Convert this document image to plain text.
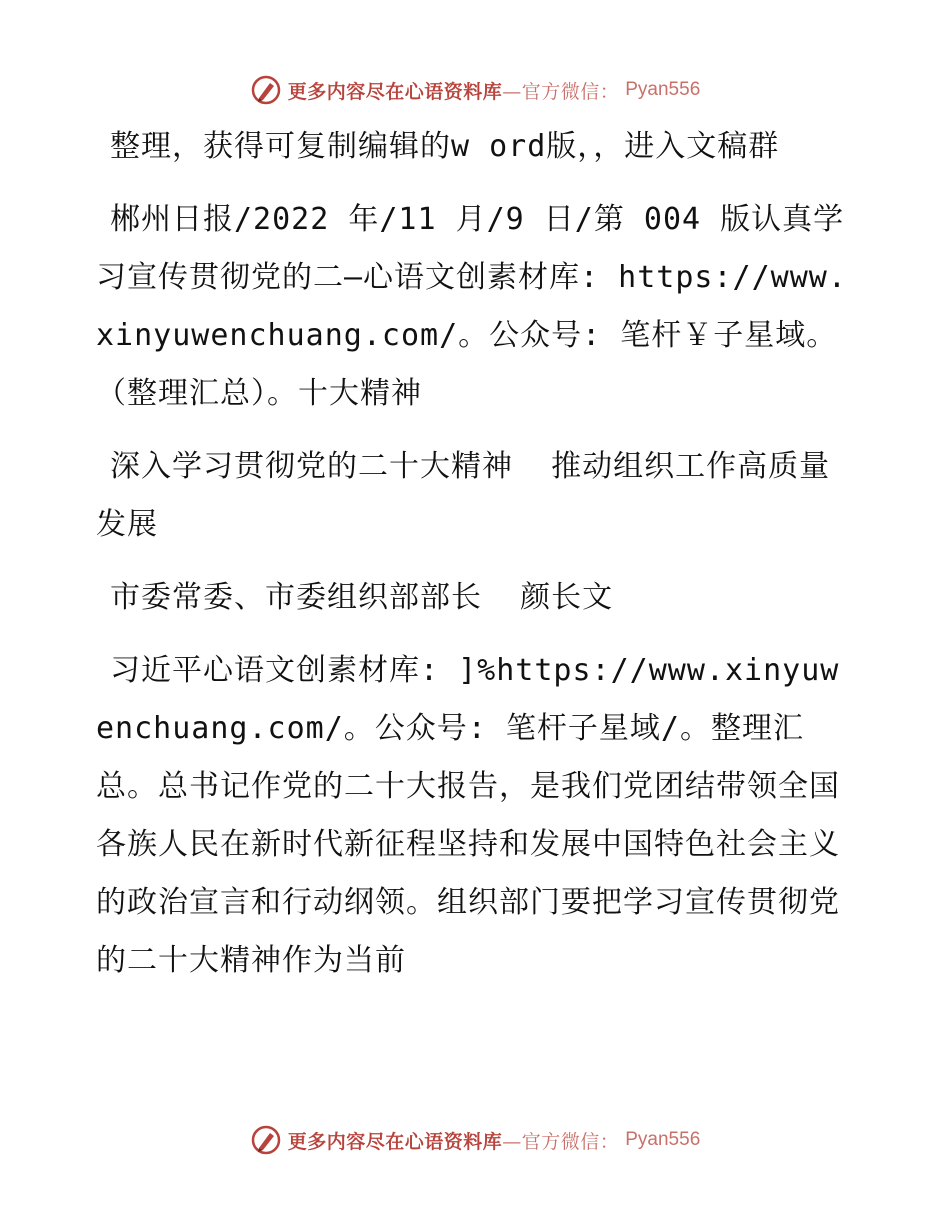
更多内容尽在心语资料库—官方微信： Pyan556

整理，获得可复制编辑的w ord版，，进入文稿群

郴州日报/2022 年/11 月/9 日/第 004 版认真学习宣传贯彻党的二—心语文创素材库: https://www.xinyuwenchuang.com/。公众号: 笔杆￥子星域。（整理汇总）。十大精神

深入学习贯彻党的二十大精神  推动组织工作高质量发展

市委常委、市委组织部部长  颜长文

习近平心语文创素材库: ]%https://www.xinyuwenchuang.com/。公众号: 笔杆子星域/。整理汇总。总书记作党的二十大报告，是我们党团结带领全国各族人民在新时代新征程坚持和发展中国特色社会主义的政治宣言和行动纲领。组织部门要把学习宣传贯彻党的二十大精神作为当前

更多内容尽在心语资料库—官方微信： Pyan556
